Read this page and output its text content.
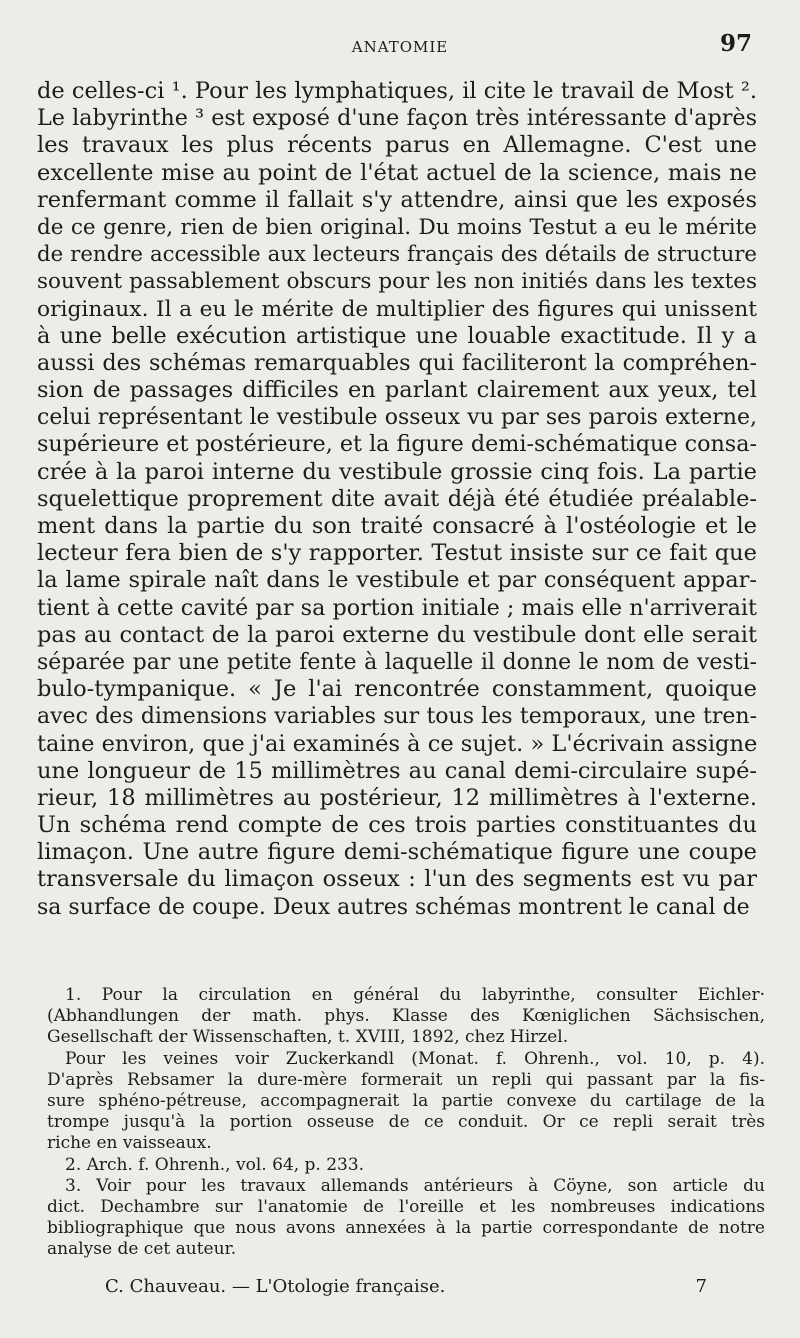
ANATOMIE	97
de celles-ci ¹. Pour les lymphatiques, il cite le travail de Most ².
Le labyrinthe ³ est exposé d'une façon très intéressante d'après
les travaux les plus récents parus en Allemagne. C'est une
excellente mise au point de l'état actuel de la science, mais ne
renfermant comme il fallait s'y attendre, ainsi que les exposés
de ce genre, rien de bien original. Du moins Testut a eu le mérite
de rendre accessible aux lecteurs français des détails de structure
souvent passablement obscurs pour les non initiés dans les textes
originaux. Il a eu le mérite de multiplier des figures qui unissent
à une belle exécution artistique une louable exactitude. Il y a
aussi des schémas remarquables qui faciliteront la compréhen-
sion de passages difficiles en parlant clairement aux yeux, tel
celui représentant le vestibule osseux vu par ses parois externe,
supérieure et postérieure, et la figure demi-schématique consa-
crée à la paroi interne du vestibule grossie cinq fois. La partie
squelettique proprement dite avait déjà été étudiée préalable-
ment dans la partie du son traité consacré à l'ostéologie et le
lecteur fera bien de s'y rapporter. Testut insiste sur ce fait que
la lame spirale naît dans le vestibule et par conséquent appar-
tient à cette cavité par sa portion initiale ; mais elle n'arriverait
pas au contact de la paroi externe du vestibule dont elle serait
séparée par une petite fente à laquelle il donne le nom de vesti-
bulo-tympanique. « Je l'ai rencontrée constamment, quoique
avec des dimensions variables sur tous les temporaux, une tren-
taine environ, que j'ai examinés à ce sujet. » L'écrivain assigne
une longueur de 15 millimètres au canal demi-circulaire supé-
rieur, 18 millimètres au postérieur, 12 millimètres à l'externe.
Un schéma rend compte de ces trois parties constituantes du
limaçon. Une autre figure demi-schématique figure une coupe
transversale du limaçon osseux : l'un des segments est vu par
sa surface de coupe. Deux autres schémas montrent le canal de
1. Pour la circulation en général du labyrinthe, consulter Eichler·
(Abhandlungen der math. phys. Klasse des Kœniglichen Sächsischen,
Gesellschaft der Wissenschaften, t. XVIII, 1892, chez Hirzel.
Pour les veines voir Zuckerkandl (Monat. f. Ohrenh., vol. 10, p. 4).
D'après Rebsamer la dure-mère formerait un repli qui passant par la fis-
sure sphéno-pétreuse, accompagnerait la partie convexe du cartilage de la
trompe jusqu'à la portion osseuse de ce conduit. Or ce repli serait très
riche en vaisseaux.
2. Arch. f. Ohrenh., vol. 64, p. 233.
3. Voir pour les travaux allemands antérieurs à Cöyne, son article du
dict. Dechambre sur l'anatomie de l'oreille et les nombreuses indications
bibliographique que nous avons annexées à la partie correspondante de notre
analyse de cet auteur.
C. Chauveau. — L'Otologie française.	7
